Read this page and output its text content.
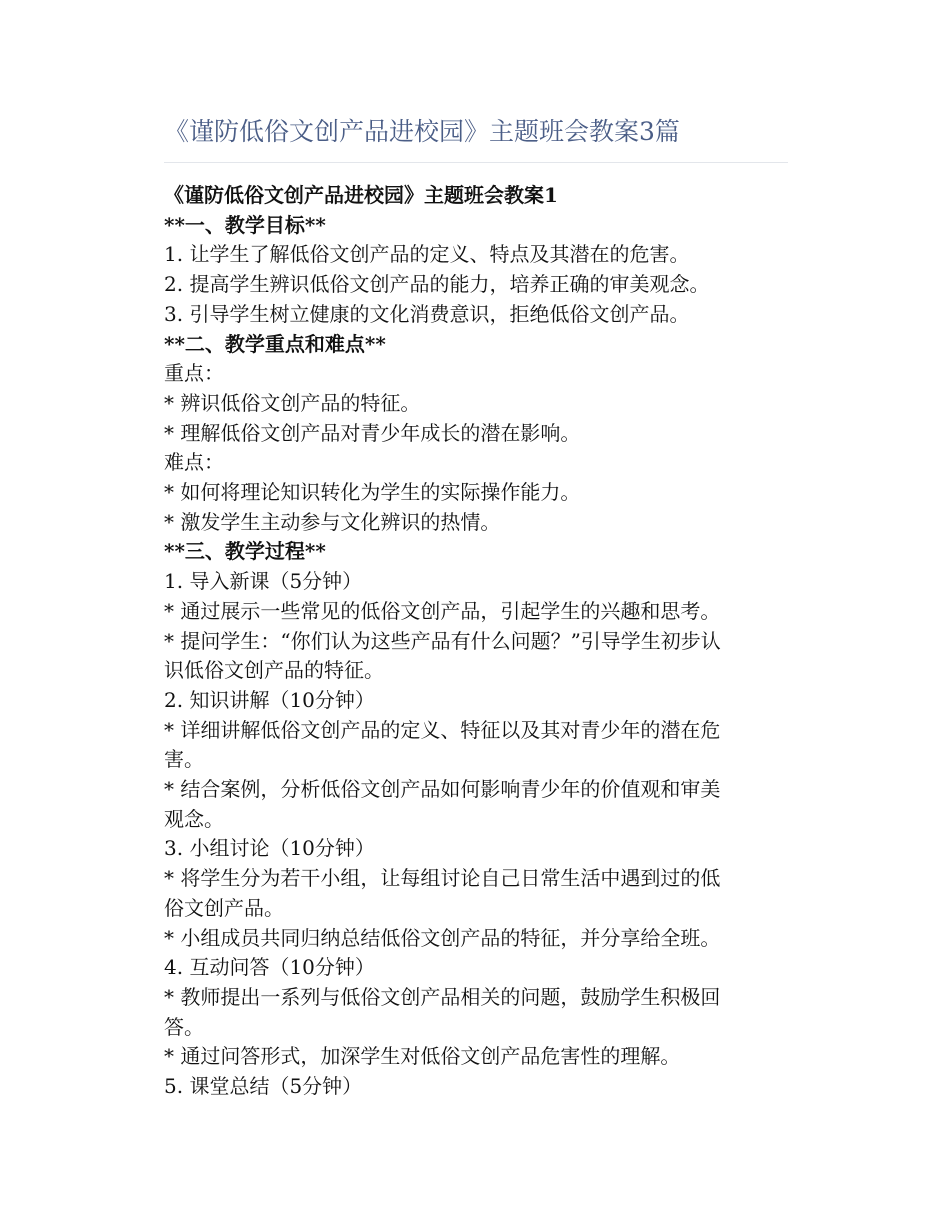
《谨防低俗文创产品进校园》主题班会教案3篇

《谨防低俗文创产品进校园》主题班会教案1

**一、教学目标**

1. 让学生了解低俗文创产品的定义、特点及其潜在的危害。

2. 提高学生辨识低俗文创产品的能力，培养正确的审美观念。

3. 引导学生树立健康的文化消费意识，拒绝低俗文创产品。

**二、教学重点和难点**

重点：

* 辨识低俗文创产品的特征。

* 理解低俗文创产品对青少年成长的潜在影响。

难点：

* 如何将理论知识转化为学生的实际操作能力。

* 激发学生主动参与文化辨识的热情。

**三、教学过程**

1. 导入新课（5分钟）

* 通过展示一些常见的低俗文创产品，引起学生的兴趣和思考。

* 提问学生：“你们认为这些产品有什么问题？”引导学生初步认

识低俗文创产品的特征。

2. 知识讲解（10分钟）

* 详细讲解低俗文创产品的定义、特征以及其对青少年的潜在危

害。

* 结合案例，分析低俗文创产品如何影响青少年的价值观和审美

观念。

3. 小组讨论（10分钟）

* 将学生分为若干小组，让每组讨论自己日常生活中遇到过的低

俗文创产品。

* 小组成员共同归纳总结低俗文创产品的特征，并分享给全班。

4. 互动问答（10分钟）

* 教师提出一系列与低俗文创产品相关的问题，鼓励学生积极回

答。

* 通过问答形式，加深学生对低俗文创产品危害性的理解。

5. 课堂总结（5分钟）
